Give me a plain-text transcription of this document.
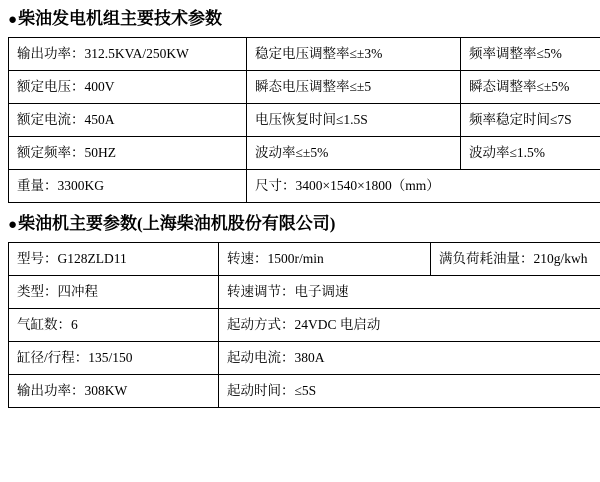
●柴油发电机组主要技术参数
输出功率：312.5KVA/250KW	稳定电压调整率≤±3%	频率调整率≤5%
额定电压：400V	瞬态电压调整率≤±5	瞬态调整率≤±5%
额定电流：450A	电压恢复时间≤1.5S	频率稳定时间≤7S
额定频率：50HZ	波动率≤±5%	波动率≤1.5%
重量：3300KG	尺寸：3400×1540×1800（mm）	
●柴油机主要参数(上海柴油机股份有限公司)
型号：G128ZLD11	转速：1500r/min	满负荷耗油量：210g/kwh
类型：四冲程	转速调节：电子调速	
气缸数：6	起动方式：24VDC 电启动	
缸径/行程：135/150	起动电流：380A	
输出功率：308KW	起动时间：≤5S	
